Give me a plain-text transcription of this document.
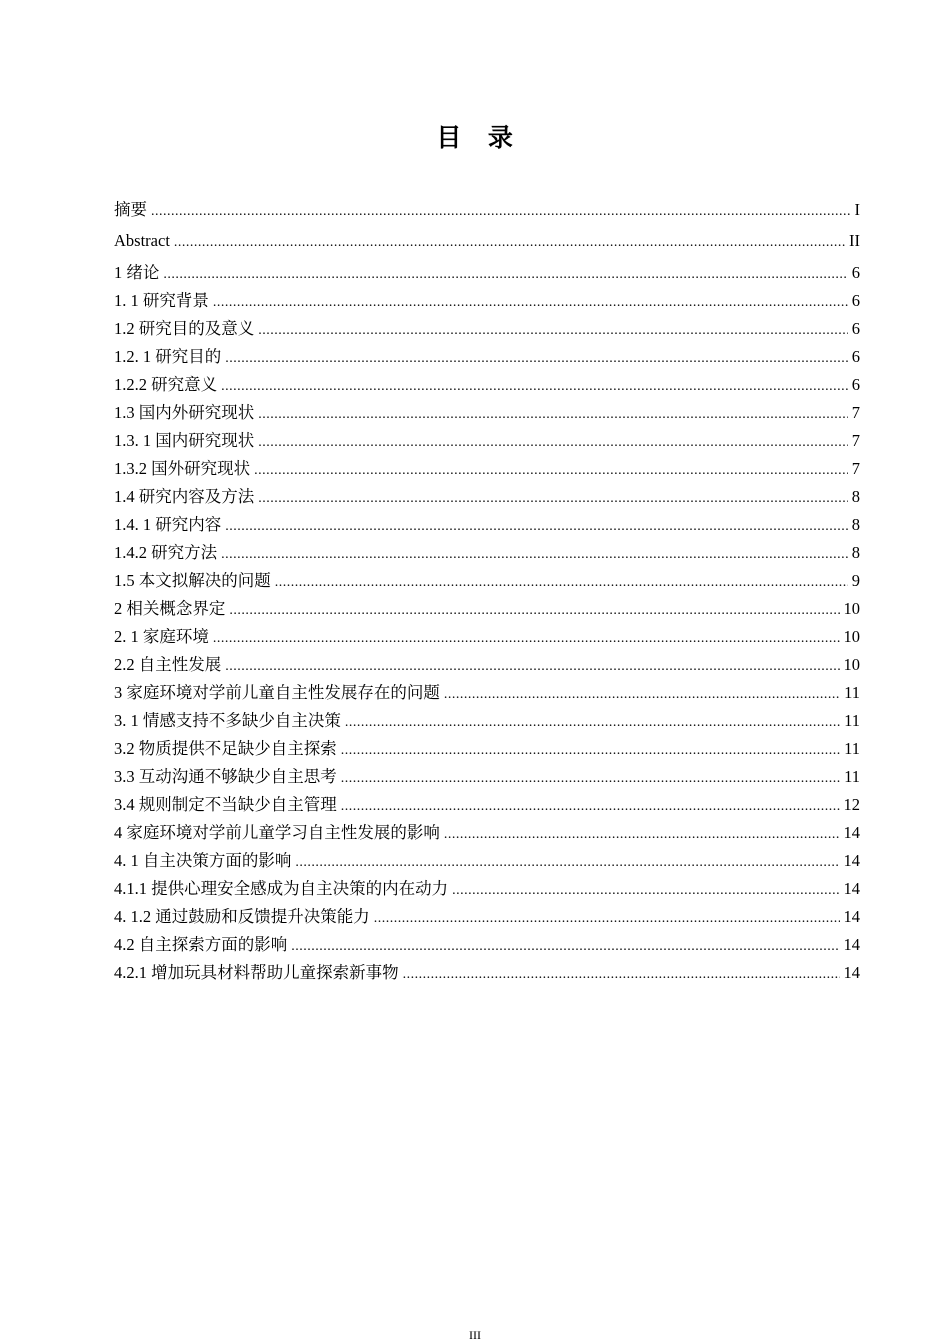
目　录
摘要 .....	I
Abstract .....	II
1 绪论 .....	6
1. 1 研究背景 .....	6
1.2 研究目的及意义 .....	6
1.2. 1 研究目的 .....	6
1.2.2 研究意义 .....	6
1.3 国内外研究现状 .....	7
1.3. 1 国内研究现状 .....	7
1.3.2 国外研究现状 .....	7
1.4 研究内容及方法 .....	8
1.4. 1 研究内容 .....	8
1.4.2 研究方法 .....	8
1.5 本文拟解决的问题 .....	9
2 相关概念界定 .....	10
2. 1 家庭环境 .....	10
2.2 自主性发展 .....	10
3 家庭环境对学前儿童自主性发展存在的问题 .....	11
3. 1 情感支持不多缺少自主决策 .....	11
3.2 物质提供不足缺少自主探索 .....	11
3.3 互动沟通不够缺少自主思考 .....	11
3.4 规则制定不当缺少自主管理 .....	12
4 家庭环境对学前儿童学习自主性发展的影响 .....	14
4. 1 自主决策方面的影响 .....	14
4.1.1 提供心理安全感成为自主决策的内在动力 .....	14
4. 1.2 通过鼓励和反馈提升决策能力 .....	14
4.2 自主探索方面的影响 .....	14
4.2.1 增加玩具材料帮助儿童探索新事物 .....	14
III
